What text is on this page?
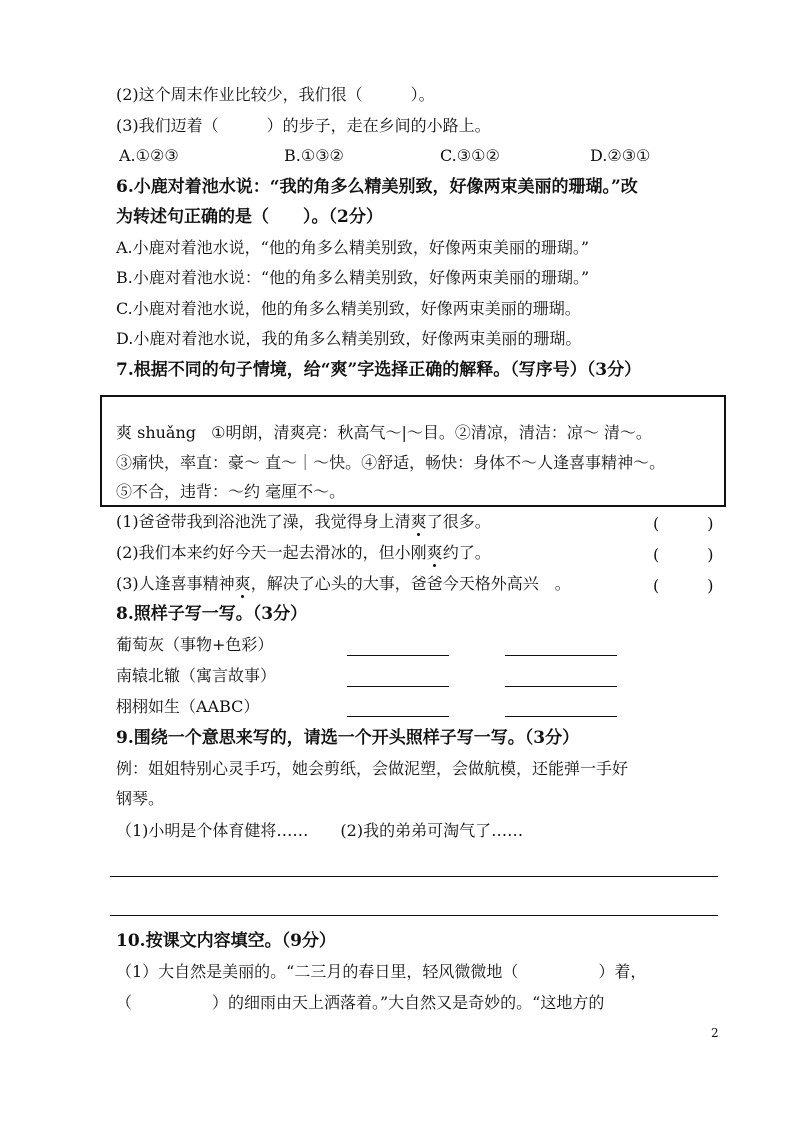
(2)这个周末作业比较少，我们很（　　　）。
(3)我们迈着（　　　）的步子，走在乡间的小路上。
A.①②③	B.①③②	C.③①②	D.②③①
6.小鹿对着池水说：“我的角多么精美别致，好像两束美丽的珊瑚。”改
为转述句正确的是（　　）。（2分）
A.小鹿对着池水说，“他的角多么精美别致，好像两束美丽的珊瑚。”
B.小鹿对着池水说：“他的角多么精美别致，好像两束美丽的珊瑚。”
C.小鹿对着池水说，他的角多么精美别致，好像两束美丽的珊瑚。
D.小鹿对着池水说，我的角多么精美别致，好像两束美丽的珊瑚。
7.根据不同的句子情境，给“爽”字选择正确的解释。（写序号）（3分）
爽 shuǎng ①明朗，清爽亮：秋高气～|～目。②清凉，清洁：凉～ 清～。
③痛快，率直：豪～ 直～｜～快。④舒适，畅快：身体不～人逢喜事精神～。
⑤不合，违背：～约 毫厘不～。
(1)爸爸带我到浴池洗了澡，我觉得身上清爽了很多。	(　　　)
(2)我们本来约好今天一起去滑冰的，但小刚爽约了。	(　　　)
(3)人逢喜事精神爽，解决了心头的大事，爸爸今天格外高兴　。	(　　　)
8.照样子写一写。（3分）
葡萄灰（事物+色彩）
南辕北辙（寓言故事）
栩栩如生（AABC）
9.围绕一个意思来写的，请选一个开头照样子写一写。（3分）
例：姐姐特别心灵手巧，她会剪纸，会做泥塑，会做航模，还能弹一手好
钢琴。
（1)小明是个体育健将……　　(2)我的弟弟可淘气了……
10.按课文内容填空。（9分）
（1）大自然是美丽的。“二三月的春日里，轻风微微地（　　　　　）着，
（　　　　　）的细雨由天上洒落着。”大自然又是奇妙的。“这地方的
2
